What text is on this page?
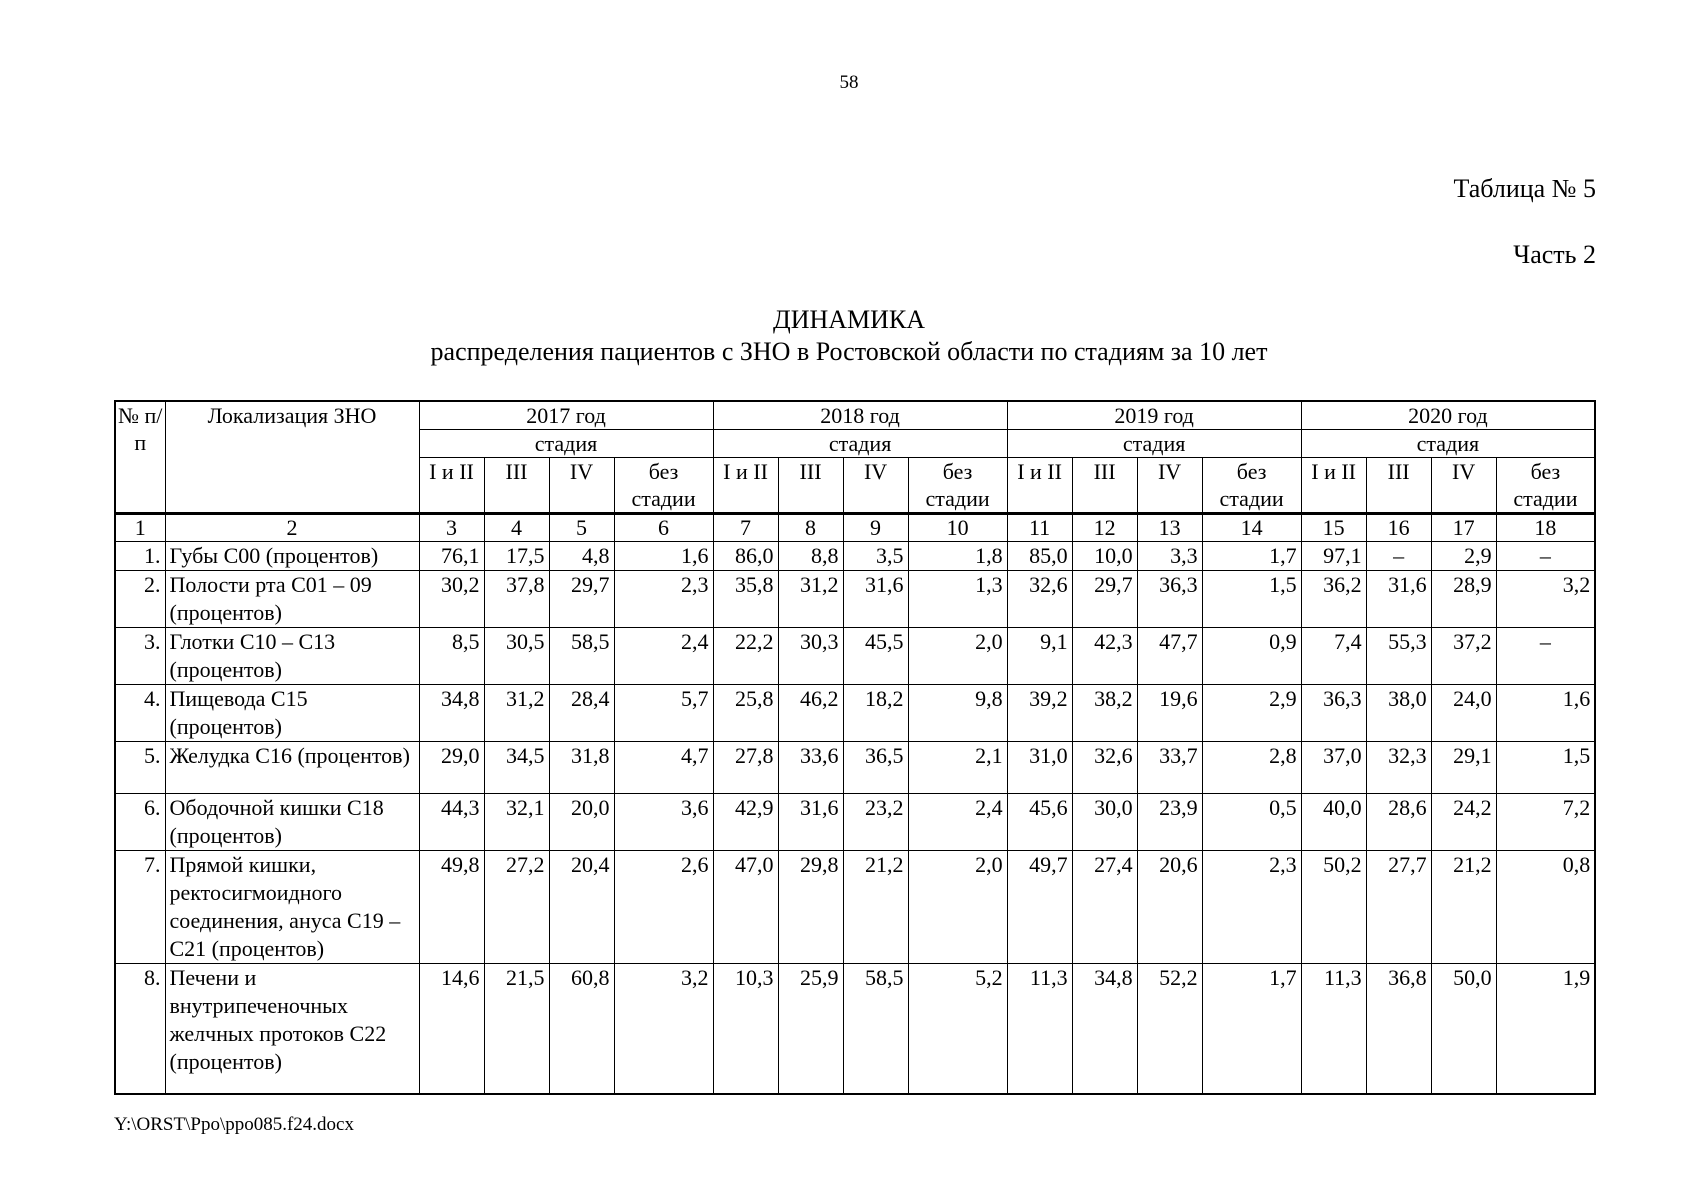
58
Таблица № 5
Часть 2
ДИНАМИКА
распределения пациентов с ЗНО в Ростовской области по стадиям за 10 лет
№ п/п	Локализация ЗНО	2017 год				2018 год				2019 год				2020 год			
		стадия				стадия				стадия				стадия			
		I и II	III	IV	без стадии	I и II	III	IV	без стадии	I и II	III	IV	без стадии	I и II	III	IV	без стадии
1	2	3	4	5	6	7	8	9	10	11	12	13	14	15	16	17	18
1.	Губы С00 (процентов)	76,1	17,5	4,8	1,6	86,0	8,8	3,5	1,8	85,0	10,0	3,3	1,7	97,1	–	2,9	–
2.	Полости рта С01 – 09 (процентов)	30,2	37,8	29,7	2,3	35,8	31,2	31,6	1,3	32,6	29,7	36,3	1,5	36,2	31,6	28,9	3,2
3.	Глотки С10 – С13 (процентов)	8,5	30,5	58,5	2,4	22,2	30,3	45,5	2,0	9,1	42,3	47,7	0,9	7,4	55,3	37,2	–
4.	Пищевода С15 (процентов)	34,8	31,2	28,4	5,7	25,8	46,2	18,2	9,8	39,2	38,2	19,6	2,9	36,3	38,0	24,0	1,6
5.	Желудка С16 (процентов)	29,0	34,5	31,8	4,7	27,8	33,6	36,5	2,1	31,0	32,6	33,7	2,8	37,0	32,3	29,1	1,5
6.	Ободочной кишки С18 (процентов)	44,3	32,1	20,0	3,6	42,9	31,6	23,2	2,4	45,6	30,0	23,9	0,5	40,0	28,6	24,2	7,2
7.	Прямой кишки, ректосигмоидного соединения, ануса С19 – С21 (процентов)	49,8	27,2	20,4	2,6	47,0	29,8	21,2	2,0	49,7	27,4	20,6	2,3	50,2	27,7	21,2	0,8
8.	Печени и внутрипеченочных желчных протоков С22 (процентов)	14,6	21,5	60,8	3,2	10,3	25,9	58,5	5,2	11,3	34,8	52,2	1,7	11,3	36,8	50,0	1,9
Y:\ORST\Ppo\ppo085.f24.docx
